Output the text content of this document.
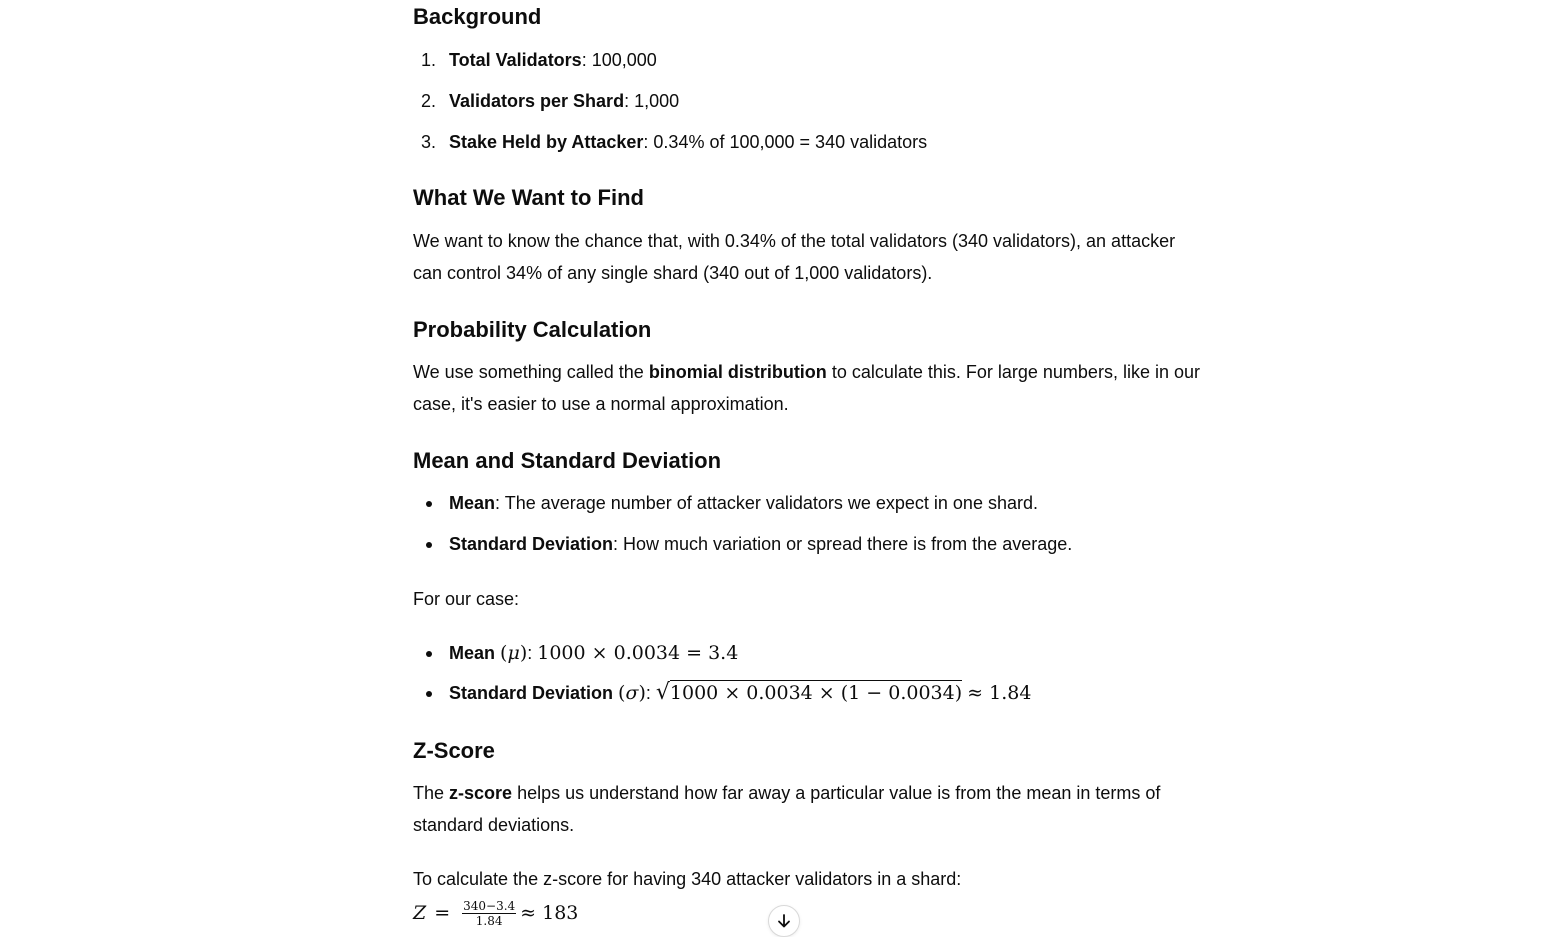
Background
1. Total Validators: 100,000
2. Validators per Shard: 1,000
3. Stake Held by Attacker: 0.34% of 100,000 = 340 validators
What We Want to Find

We want to know the chance that, with 0.34% of the total validators (340 validators), an attacker
can control 34% of any single shard (340 out of 1,000 validators).

Probability Calculation

We use something called the binomial distribution to calculate this. For large numbers, like in our
case, it's easier to use a normal approximation.

Mean and Standard Deviation
Mean: The average number of attacker validators we expect in one shard.
Standard Deviation: How much variation or spread there is from the average.

For our case:

Mean (μ): 1000 × 0.0034 = 3.4
Standard Deviation (σ): √1000 × 0.0034 × (1 − 0.0034) ≈ 1.84
Z-Score

The z-score helps us understand how far away a particular value is from the mean in terms of
standard deviations.

To calculate the z-score for having 340 attacker validators in a shard:

$Z = \frac{340-3.4}{1.84} \approx 183$
